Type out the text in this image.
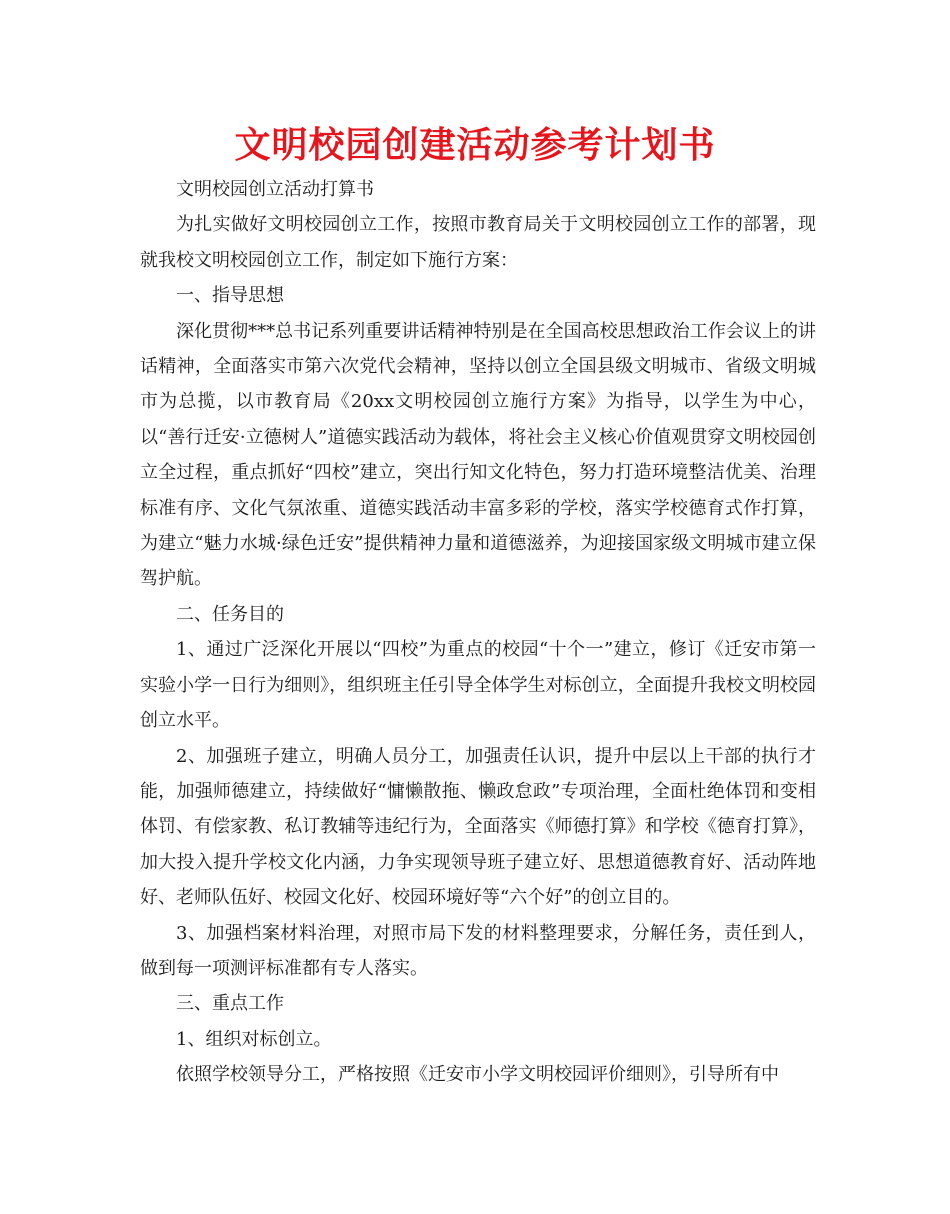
文明校园创建活动参考计划书

文明校园创立活动打算书

为扎实做好文明校园创立工作，按照市教育局关于文明校园创立工作的部署，现就我校文明校园创立工作，制定如下施行方案：

一、指导思想

深化贯彻***总书记系列重要讲话精神特别是在全国高校思想政治工作会议上的讲话精神，全面落实市第六次党代会精神，坚持以创立全国县级文明城市、省级文明城市为总揽，以市教育局《20xx文明校园创立施行方案》为指导，以学生为中心，以“善行迁安·立德树人”道德实践活动为载体，将社会主义核心价值观贯穿文明校园创立全过程，重点抓好“四校”建立，突出行知文化特色，努力打造环境整洁优美、治理标准有序、文化气氛浓重、道德实践活动丰富多彩的学校，落实学校德育式作打算，为建立“魅力水城·绿色迁安”提供精神力量和道德滋养，为迎接国家级文明城市建立保驾护航。

二、任务目的

1、通过广泛深化开展以“四校”为重点的校园“十个一”建立，修订《迁安市第一实验小学一日行为细则》，组织班主任引导全体学生对标创立，全面提升我校文明校园创立水平。

2、加强班子建立，明确人员分工，加强责任认识，提升中层以上干部的执行才能，加强师德建立，持续做好“慵懒散拖、懒政怠政”专项治理，全面杜绝体罚和变相体罚、有偿家教、私订教辅等违纪行为，全面落实《师德打算》和学校《德育打算》，加大投入提升学校文化内涵，力争实现领导班子建立好、思想道德教育好、活动阵地好、老师队伍好、校园文化好、校园环境好等“六个好”的创立目的。

3、加强档案材料治理，对照市局下发的材料整理要求，分解任务，责任到人，做到每一项测评标准都有专人落实。

三、重点工作

1、组织对标创立。

依照学校领导分工，严格按照《迁安市小学文明校园评价细则》，引导所有中
